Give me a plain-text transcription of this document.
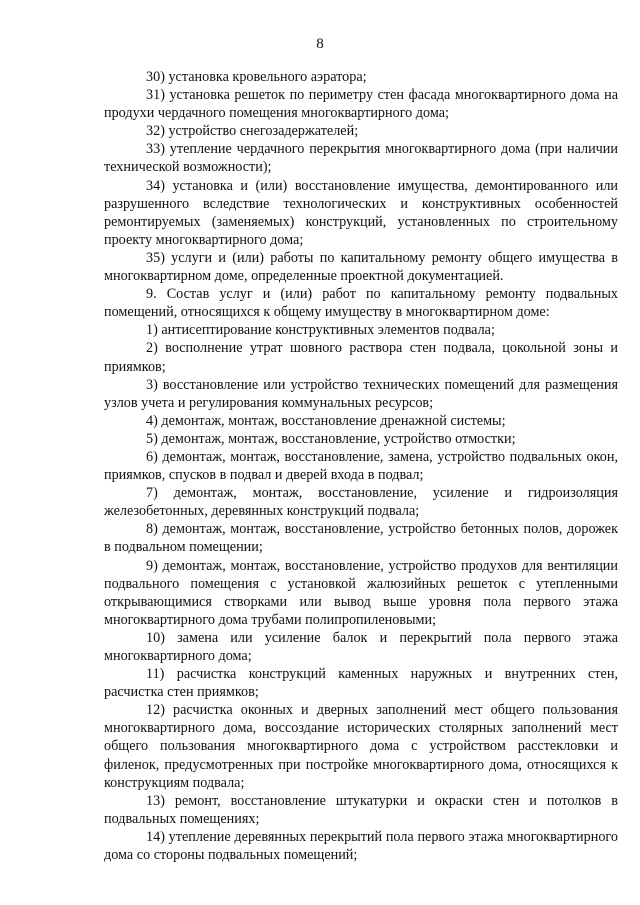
8

30) установка кровельного аэратора;

31) установка решеток по периметру стен фасада многоквартирного дома на продухи чердачного помещения многоквартирного дома;

32) устройство снегозадержателей;

33) утепление чердачного перекрытия многоквартирного дома (при наличии технической возможности);

34) установка и (или) восстановление имущества, демонтированного или разрушенного вследствие технологических и конструктивных особенностей ремонтируемых (заменяемых) конструкций, установленных по строительному проекту многоквартирного дома;

35) услуги и (или) работы по капитальному ремонту общего имущества в многоквартирном доме, определенные проектной документацией.

9. Состав услуг и (или) работ по капитальному ремонту подвальных помещений, относящихся к общему имуществу в многоквартирном доме:

1) антисептирование конструктивных элементов подвала;

2) восполнение утрат шовного раствора стен подвала, цокольной зоны и приямков;

3) восстановление или устройство технических помещений для размещения узлов учета и регулирования коммунальных ресурсов;

4) демонтаж, монтаж, восстановление дренажной системы;

5) демонтаж, монтаж, восстановление, устройство отмостки;

6) демонтаж, монтаж, восстановление, замена, устройство подвальных окон, приямков, спусков в подвал и дверей входа в подвал;

7) демонтаж, монтаж, восстановление, усиление и гидроизоляция железобетонных, деревянных конструкций подвала;

8) демонтаж, монтаж, восстановление, устройство бетонных полов, дорожек в подвальном помещении;

9) демонтаж, монтаж, восстановление, устройство продухов для вентиляции подвального помещения с установкой жалюзийных решеток с утепленными открывающимися створками или вывод выше уровня пола первого этажа многоквартирного дома трубами полипропиленовыми;

10) замена или усиление балок и перекрытий пола первого этажа многоквартирного дома;

11) расчистка конструкций каменных наружных и внутренних стен, расчистка стен приямков;

12) расчистка оконных и дверных заполнений мест общего пользования многоквартирного дома, воссоздание исторических столярных заполнений мест общего пользования многоквартирного дома с устройством расстекловки и филенок, предусмотренных при постройке многоквартирного дома, относящихся к конструкциям подвала;

13) ремонт, восстановление штукатурки и окраски стен и потолков в подвальных помещениях;

14) утепление деревянных перекрытий пола первого этажа многоквартирного дома со стороны подвальных помещений;
